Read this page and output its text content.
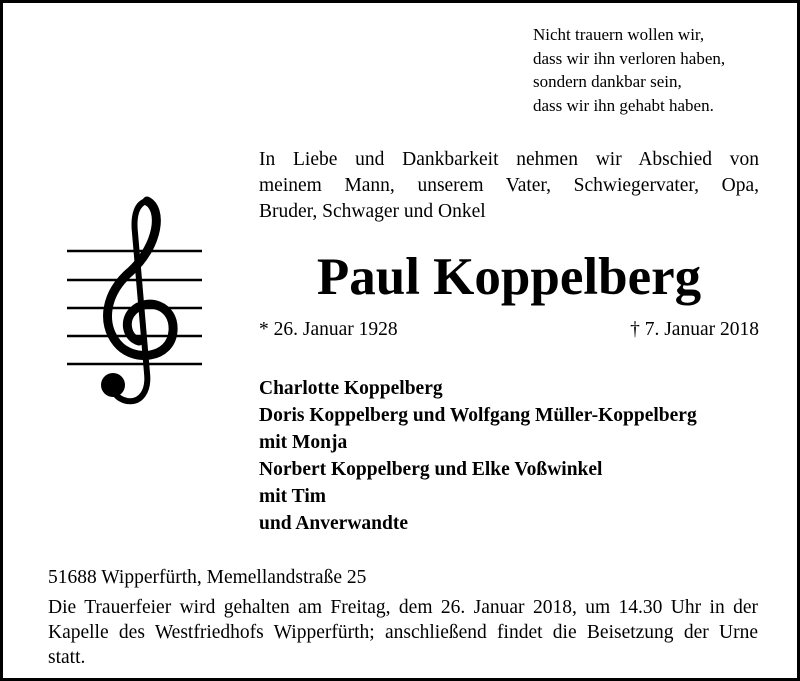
Nicht trauern wollen wir,
dass wir ihn verloren haben,
sondern dankbar sein,
dass wir ihn gehabt haben.
In Liebe und Dankbarkeit nehmen wir Abschied von
meinem Mann, unserem Vater, Schwiegervater, Opa,
Bruder, Schwager und Onkel
Paul Koppelberg
* 26. Januar 1928	† 7. Januar 2018
Charlotte Koppelberg
Doris Koppelberg und Wolfgang Müller-Koppelberg
mit Monja
Norbert Koppelberg und Elke Voßwinkel
mit Tim
und Anverwandte
51688 Wipperfürth, Memellandstraße 25
Die Trauerfeier wird gehalten am Freitag, dem 26. Januar 2018, um 14.30 Uhr in der
Kapelle des Westfriedhofs Wipperfürth; anschließend findet die Beisetzung der Urne
statt.
